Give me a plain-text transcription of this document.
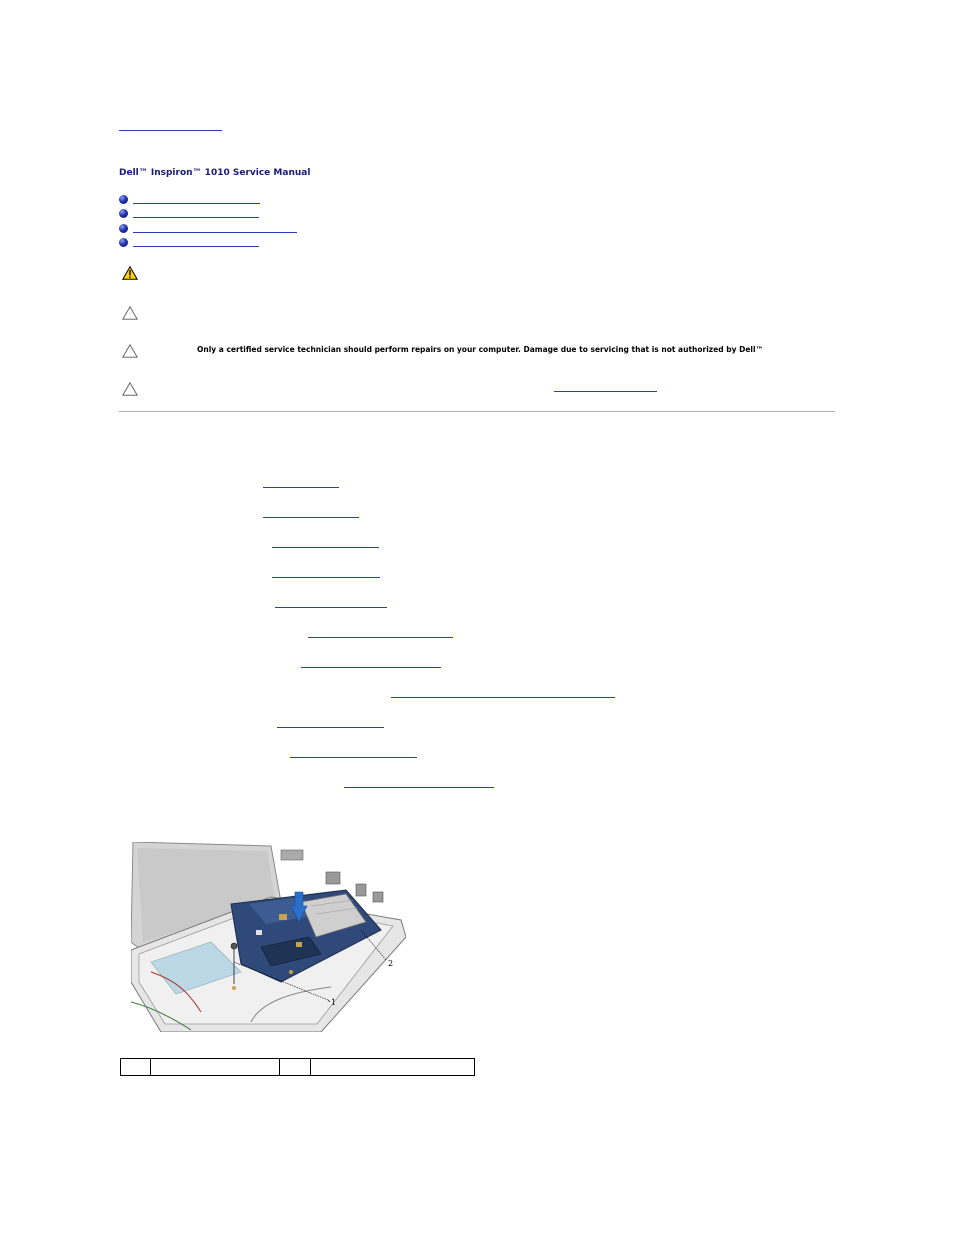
Dell™ Inspiron™ 1010 Service Manual
Only a certified service technician should perform repairs on your computer. Damage due to servicing that is not authorized by Dell™
1
2
